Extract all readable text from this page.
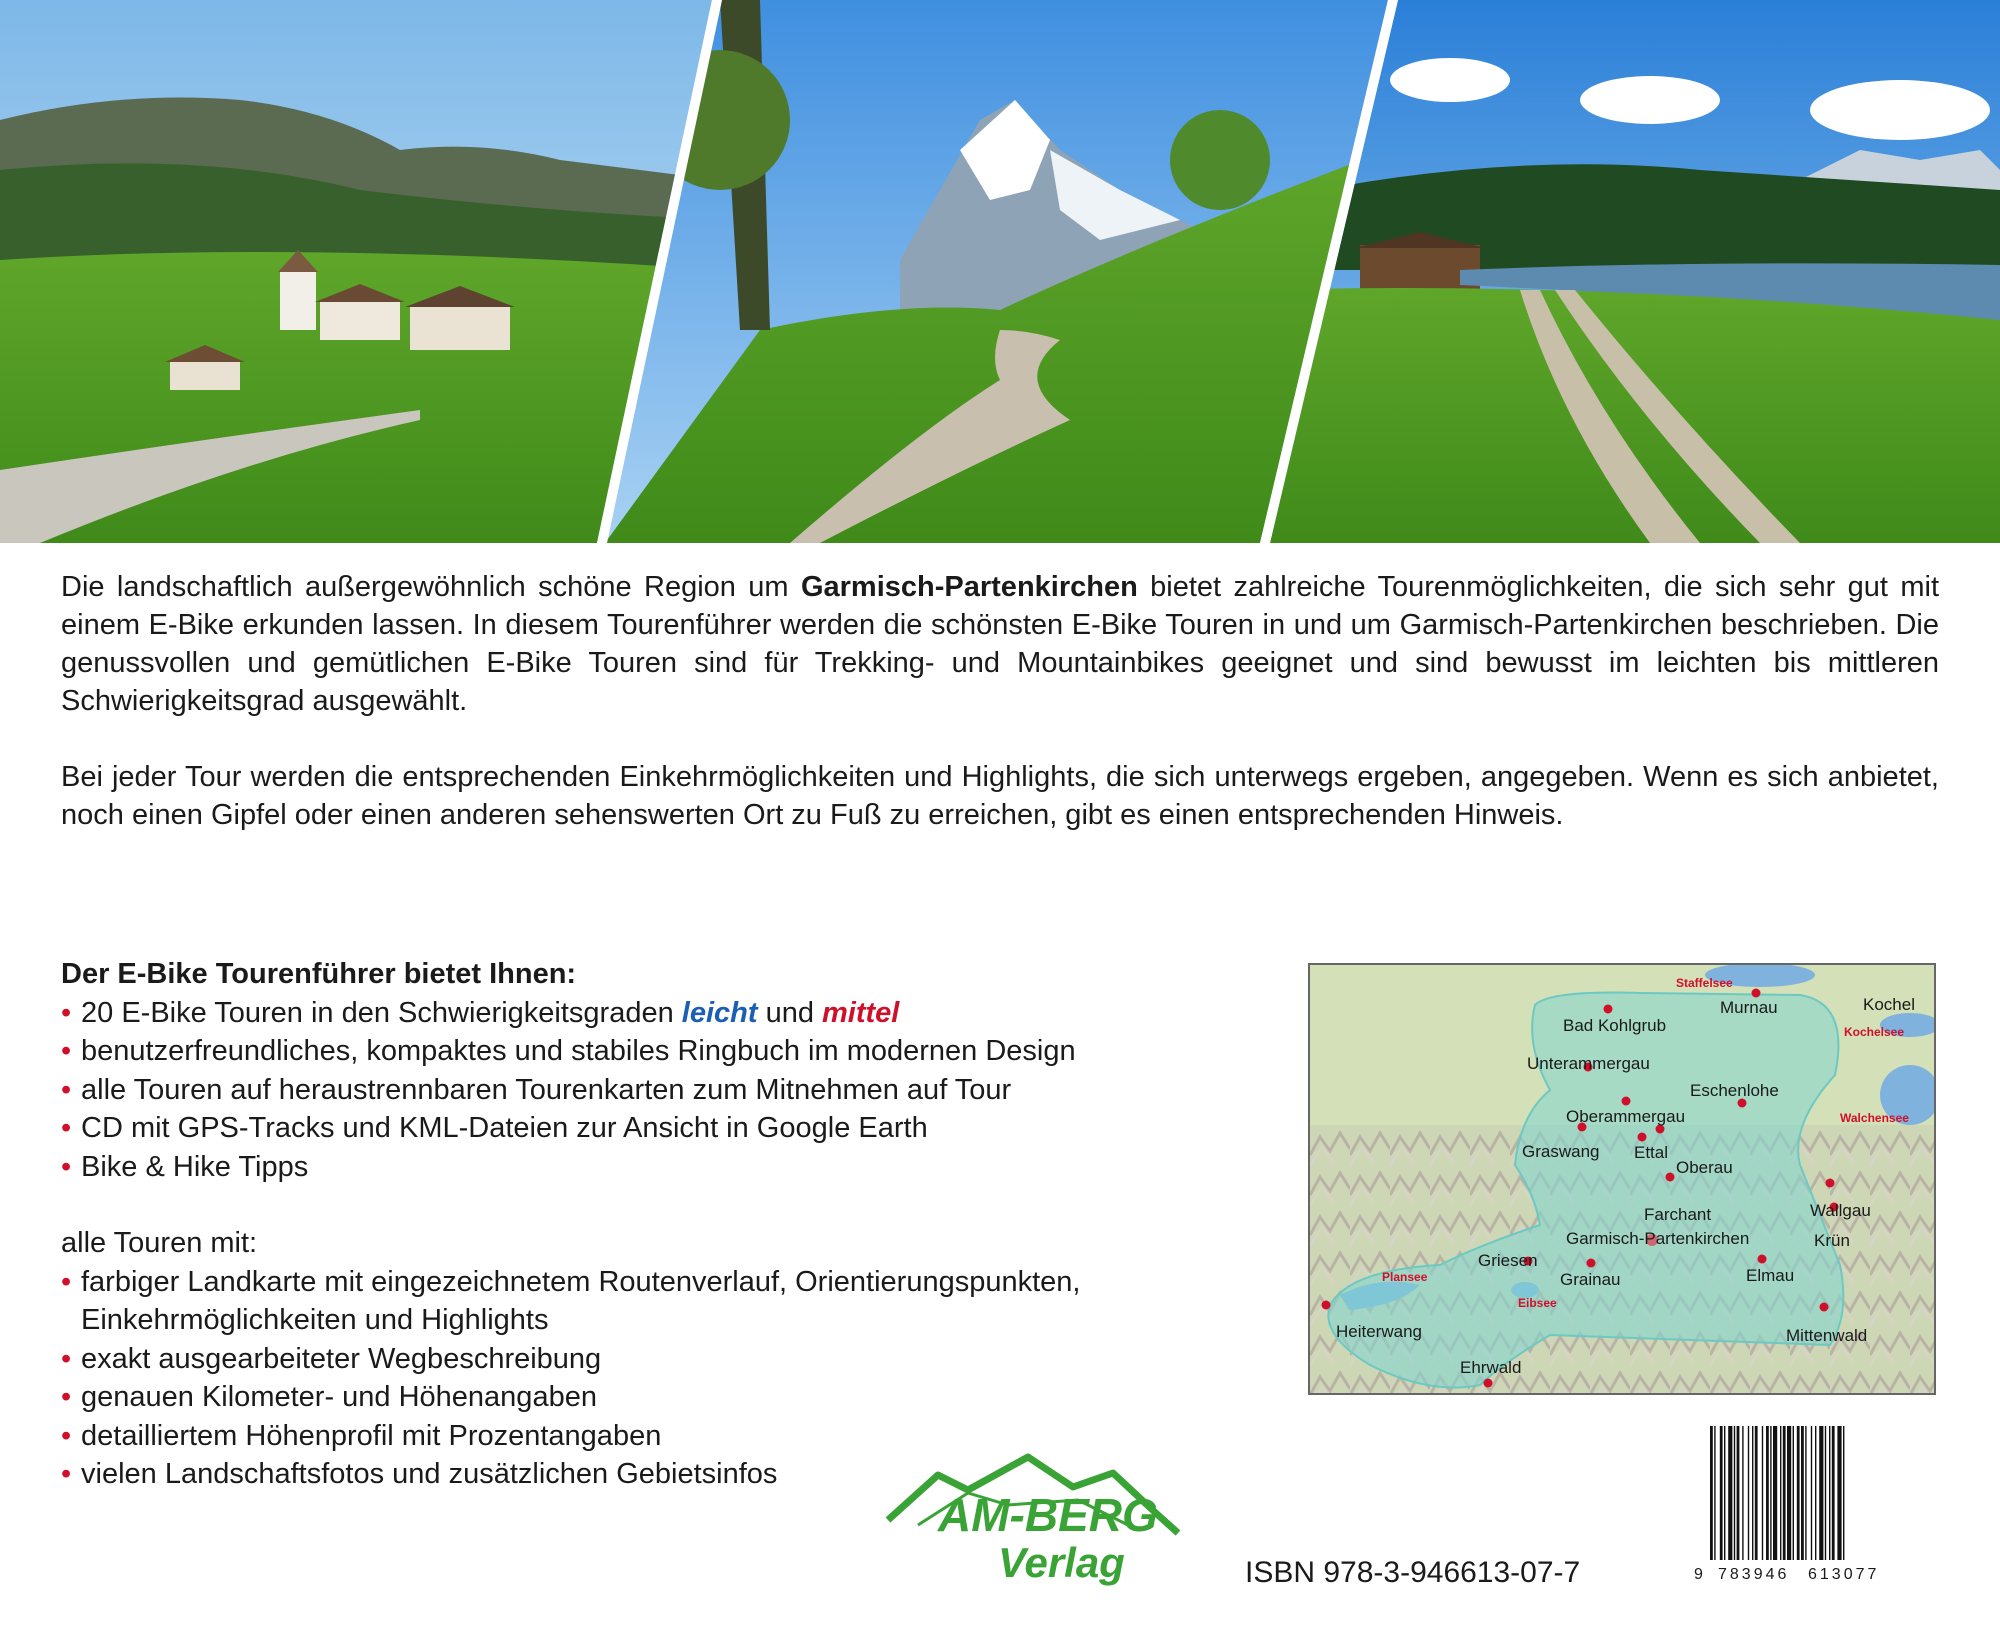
Die landschaftlich außergewöhnlich schöne Region um Garmisch-Partenkirchen bietet zahlreiche Tourenmöglichkeiten, die sich sehr gut mit einem E-Bike erkunden lassen. In diesem Tourenführer werden die schönsten E-Bike Touren in und um Garmisch-Partenkirchen beschrieben. Die genussvollen und gemütlichen E-Bike Touren sind für Trekking- und Mountainbikes geeignet und sind bewusst im leichten bis mittleren Schwierigkeitsgrad ausgewählt.

Bei jeder Tour werden die entsprechenden Einkehrmöglichkeiten und Highlights, die sich unterwegs ergeben, angegeben. Wenn es sich anbietet, noch einen Gipfel oder einen anderen sehenswerten Ort zu Fuß zu erreichen, gibt es einen entsprechenden Hinweis.

Der E-Bike Tourenführer bietet Ihnen:
• 20 E-Bike Touren in den Schwierigkeitsgraden leicht und mittel
• benutzerfreundliches, kompaktes und stabiles Ringbuch im modernen Design
• alle Touren auf heraustrennbaren Tourenkarten zum Mitnehmen auf Tour
• CD mit GPS-Tracks und KML-Dateien zur Ansicht in Google Earth
• Bike & Hike Tipps
alle Touren mit:
• farbiger Landkarte mit eingezeichnetem Routenverlauf, Orientierungspunkten, Einkehrmöglichkeiten und Highlights
• exakt ausgearbeiteter Wegbeschreibung
• genauen Kilometer- und Höhenangaben
• detailliertem Höhenprofil mit Prozentangaben
• vielen Landschaftsfotos und zusätzlichen Gebietsinfos
Murnau	Kochel
Bad Kohlgrub
Unterammergau
Eschenlohe
Oberammergau
Graswang Ettal
Oberau
Farchant
Garmisch-Partenkirchen
Wallgau
Krün
Griesen
Grainau	Elmau
Heiterwang	Mittenwald
Ehrwald
Staffelsee
Kochelsee
Walchensee
Plansee
Eibsee
AM-BERG
Verlag	ISBN 978-3-946613-07-7	9 783946 613077
